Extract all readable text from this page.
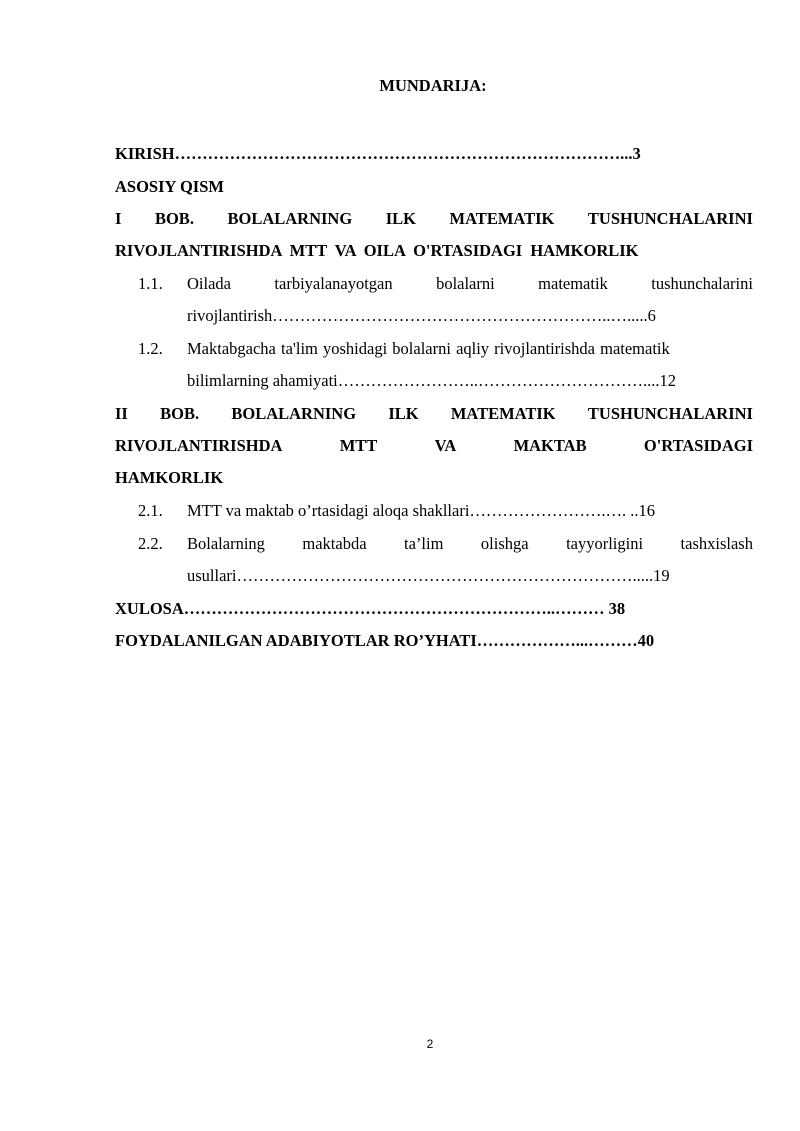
MUNDARIJA:
KIRISH………………………………………………………………………...3
ASOSIY QISM
I BOB. BOLALARNING ILK MATEMATIK TUSHUNCHALARINI
RIVOJLANTIRISHDA MTT VA OILA O'RTASIDAGI HAMKORLIK
1.1. Oilada	tarbiyalanayotgan	bolalarni	matematik	tushunchalarini
rivojlantirish……………………………………………………..….....6
1.2. Maktabgacha ta'lim yoshidagi bolalarni aqliy rivojlantirishda matematik
bilimlarning ahamiyati……………………..…………………………....12
II BOB. BOLALARNING ILK MATEMATIK TUSHUNCHALARINI
RIVOJLANTIRISHDA	MTT	VA	MAKTAB	O'RTASIDAGI
HAMKORLIK
2.1. MTT va maktab o’rtasidagi aloqa shakllari…………………….…. ..16
2.2. Bolalarning maktabda ta’lim olishga tayyorligini tashxislash
usullari……………………………………………………………….....19
XULOSA…………………………………………………………..……… 38
FOYDALANILGAN ADABIYOTLAR RO’YHATI………………...………40
2
